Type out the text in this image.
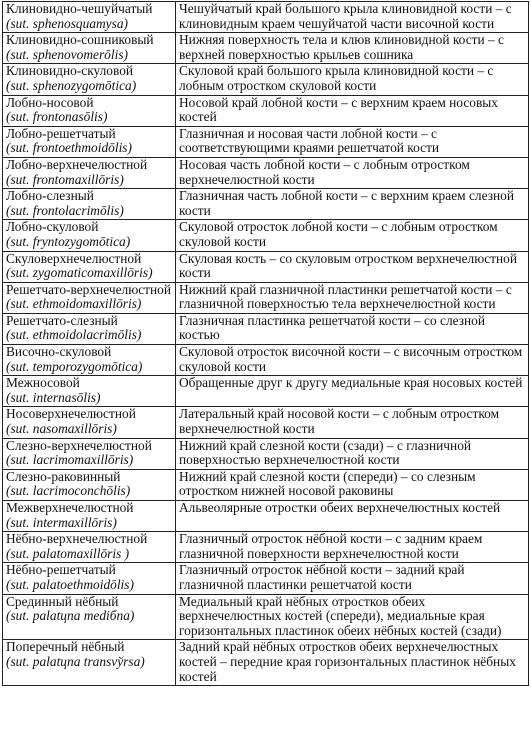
Клиновидно-чешуйчатый
(sut. sphenosquamysa)	Чешуйчатый край большого крыла клиновидной кости – с клиновидным краем чешуйчатой части височной кости

Клиновидно-сошниковый
(sut. sphenovomerōlis)	Нижняя поверхность тела и клюв клиновидной кости – с верхней поверхностью крыльев сошника

Клиновидно-скуловой
(sut. sphenozygomōtica)	Скуловой край большого крыла клиновидной кости – с лобным отростком скуловой кости

Лобно-носовой
(sut. frontonasōlis)	Носовой край лобной кости – с верхним краем носовых костей

Лобно-решетчатый
(sut. frontoethmoidōlis)	Глазничная и носовая части лобной кости – с соответствующими краями решетчатой кости

Лобно-верхнечелюстной
(sut. frontomaxillōris)	Носовая часть лобной кости – с лобным отростком верхнечелюстной кости

Лобно-слезный
(sut. frontolacrimōlis)	Глазничная часть лобной кости – с верхним краем слезной кости

Лобно-скуловой
(sut. fryntozygomōtica)	Скуловой отросток лобной кости – с лобным отростком скуловой кости

Скуловерхнечелюстной
(sut. zygomaticomaxillōris)	Скуловая кость – со скуловым отростком верхнечелюстной кости

Решетчато-верхнечелюстной
(sut. ethmoidomaxillōris)	Нижний край глазничной пластинки решетчатой кости – с глазничной поверхностью тела верхнечелюстной кости

Решетчато-слезный
(sut. ethmoidolacrimōlis)	Глазничная пластинка решетчатой кости – со слезной костью

Височно-скуловой
(sut. temporozygomōtica)	Скуловой отросток височной кости – с височным отростком скуловой кости

Межносовой
(sut. internasōlis)	Обращенные друг к другу медиальные края носовых костей

Носоверхнечелюстной
(sut. nasomaxillōris)	Латеральный край носовой кости – с лобным отростком верхнечелюстной кости

Слезно-верхнечелюстной
(sut. lacrimomaxillōris)	Нижний край слезной кости (сзади) – с глазничной поверхностью верхнечелюстной кости

Слезно-раковинный
(sut. lacrimoconchōlis)	Нижний край слезной кости (спереди) – со слезным отростком нижней носовой раковины

Межверхнечелюстной
(sut. intermaxillōris)	Альвеолярные отростки обеих верхнечелюстных костей

Нёбно-верхнечелюстной
(sut. palatomaxillōris )	Глазничный отросток нёбной кости – с задним краем глазничной поверхности верхнечелюстной кости

Нёбно-решетчатый
(sut. palatoethmoidōlis)	Глазничный отросток нёбной кости – задний край глазничной пластинки решетчатой кости

Срединный нёбный
(sut. palatцna mediбna)	Медиальный край нёбных отростков обеих верхнечелюстных костей (спереди), медиальные края горизонтальных пластинок обеих нёбных костей (сзади)

Поперечный нёбный
(sut. palatцna transvўrsa)	Задний край нёбных отростков обеих верхнечелюстных костей – передние края горизонтальных пластинок нёбных костей
